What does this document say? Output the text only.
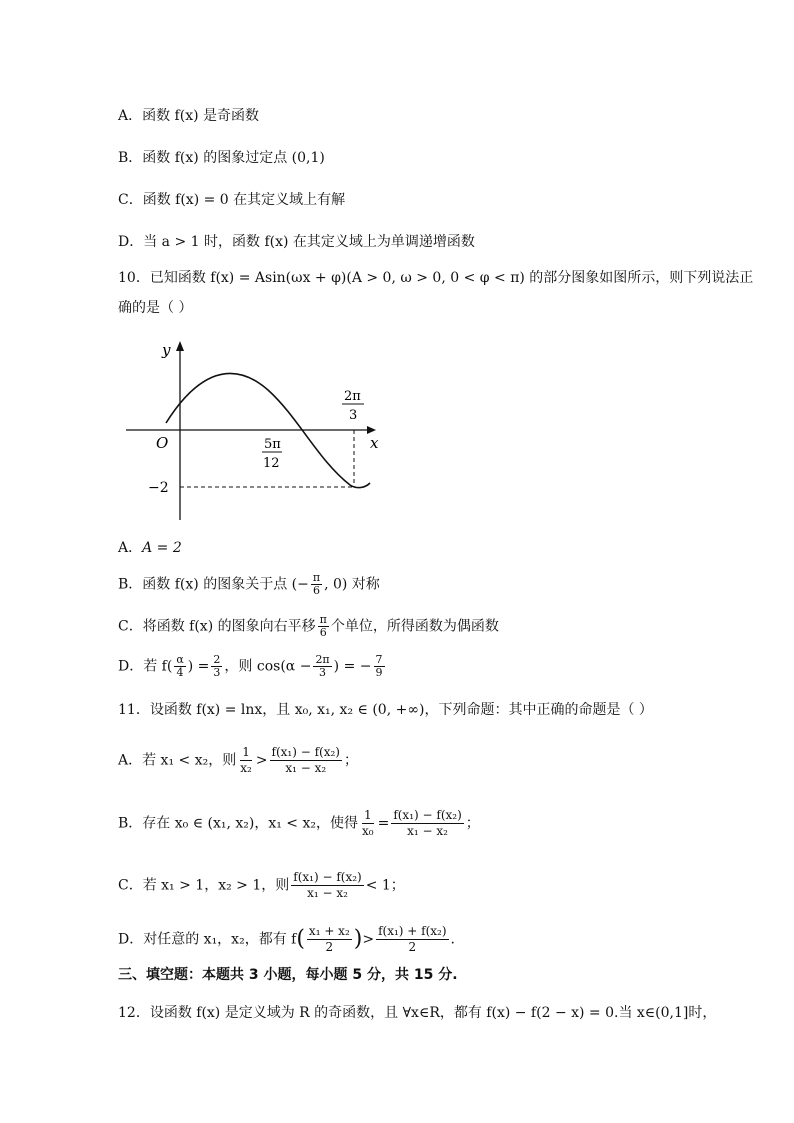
A．函数 f(x) 是奇函数
B．函数 f(x) 的图象过定点 (0,1)
C．函数 f(x) = 0 在其定义域上有解
D．当 a > 1 时，函数 f(x) 在其定义域上为单调递增函数
10．已知函数 f(x) = Asin(ωx + φ)(A > 0, ω > 0, 0 < φ < π) 的部分图象如图所示，则下列说法正
确的是（ ）
y
x
O	5π
12
2π
3
−2
A．A = 2
B．函数 f(x) 的图象关于点 (− $\frac{\pi}{6}$ , 0) 对称
C．将函数 f(x) 的图象向右平移 $\frac{\pi}{6}$ 个单位，所得函数为偶函数
D．若 $f( \frac{\alpha}{4}$ ) = $\frac{2}{3}$ ，则 $\cos(\alpha - \frac{2\pi}{3}$ ) = − $\frac{7}{9}$
11．设函数 f(x) = lnx，且 x₀, x₁, x₂ ∈ (0, +∞)，下列命题：其中正确的命题是（ ）
A．若 x₁ < x₂，则 $\frac{1}{\text{x₂}} > \frac{\text{f(x₁) − f(x₂)}}{\text{x₁ − x₂}}$ ；
B．存在 x₀ ∈ (x₁, x₂)，x₁ < x₂，使得 $\frac{1}{\text{x₀}} = \frac{\text{f(x₁) − f(x₂)}}{\text{x₁ − x₂}}$ ；
C．若 x₁ > 1，x₂ > 1，则 $\frac{\text{f(x₁) − f(x₂)}}{\text{x₁ − x₂}} < 1$；
D．对任意的 x₁，x₂，都有 $f( \frac{\text{x₁ + x₂}}{2}$ )> $\frac{\text{f(x₁) + f(x₂)}}{2}$ .
三、填空题：本题共 3 小题，每小题 5 分，共 15 分.
12．设函数 f(x) 是定义域为 R 的奇函数，且 ∀x∈R，都有 f(x) − f(2 − x) = 0.当 x∈(0,1]时，
